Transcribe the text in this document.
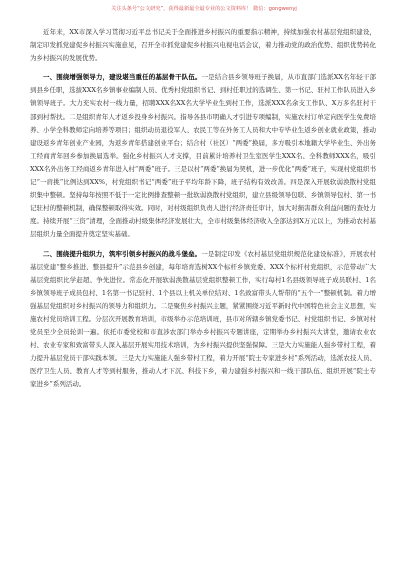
关注头条号“公文研究”，获得最新最全最专业的公文资料库！ 微信：gongwenyj

近年来，XX市深入学习贯彻习近平总书记关于全面推进乡村振兴的重要指示精神，持续加强农村基层党组织建设，制定印发抓党建促乡村振兴实施意见，召开全市抓党建促乡村振兴电视电话会议，着力推动党的政治优势、组织优势转化为乡村振兴的发展优势。

一、围绕增强领导力，建设堪当重任的基层骨干队伍。一是结合县乡领导班子换届，从市直部门选派XX名年轻干部到县乡任职，选拔XXX名乡镇事业编制人员、优秀村党组织书记、到村任职过的选调生、第一书记、驻村工作队员进入乡镇领导班子。大力充实农村一线力量，招聘XXX名XX名大学毕业生到村工作，选派XXX名余支工作队、X万多名驻村干部到村帮扶。二是组织青年人才返乡投身乡村振兴。指导各县市明确人才引进专项编制，实施农村订单定向医学生免费培养、小学全科教师定向培养等项目；组织动员退役军人、农民工等在外务工人员和大中专毕业生返乡创业就业政策，推动建设返乡青年创业产业园，为返乡青年搭建创业平台；结合村（社区）“两委”换届，多方吸引本地籍大学毕业生、外出务工经商青年回乡参加换届选举。强化乡村振兴人才支撑，目前累计培养村卫生室医学生XXX名、全科教师XXX名，吸引XXX名外出务工经商返乡青年进入村“两委”班子。三是以村“两委”换届为契机，进一步优化“两委”班子，实现村党组织书记“一肩挑”比例达到XX%，村党组织书记“两委”班子平均年龄下降，班子结构有效改善。四是深入开展软弱涣散村党组织集中整顿。坚持每年按照不低于一定比例排查整顿一批软弱涣散村党组织，建立县级领导包联、乡镇领导包村、第一书记驻村的整顿机制，确保整顿取得实效。同时，对村级组织负责人进行经济责任审计，加大对损害群众利益问题的查处力度。持续开展“三资”清理，全面推动村级集体经济发展壮大，全市村级集体经济收入全部达到X万元以上，为推动农村基层组织力量全面提升奠定坚实基础。

二、围绕提升组织力，筑牢引领乡村振兴的战斗堡垒。一是制定印发《农村基层党组织规范化建设标准》，开展农村基层党建“整乡推进、整县提升”示范县乡创建，每年培育选树XX个标杆乡镇党委、XXX个标杆村党组织，示范带动广大基层党组织比学赶超、争先进位。常态化开展软弱涣散基层党组织整顿工作，实行每村1名县级领导班子成员联村、1名乡镇领导班子成员包村、1名第一书记驻村、1个县以上机关单位结对、1名致富带头人帮带的“五个一”整顿机制。着力增强基层党组织对乡村振兴的领导力和组织力。二是聚焦乡村振兴主题，紧紧围绕习近平新时代中国特色社会主义思想，实施农村党员培训工程。分层次开展教育培训，市级举办示范培训班，县市对所辖乡镇党委书记、村党组织书记、乡镇对村党员至少全员轮训一遍。依托市委党校和市直涉农部门举办乡村振兴专题讲座，定期举办乡村振兴大讲堂，邀请农业农村、农业专家和致富带头人深入基层开展实用技术培训，为乡村振兴提供坚强保障。三是大力实施能人强乡带村工程，着力提升基层党员干部实践本领。三是大力实施能人强乡带村工程，着力开展“院士专家进乡村”系列活动，选派农技人员、医疗卫生人员、教育人才等到村服务，推动人才下沉、科技下乡，着力建强乡村振兴和一线干部队伍、组织开展“院士专家进乡”系列活动。
